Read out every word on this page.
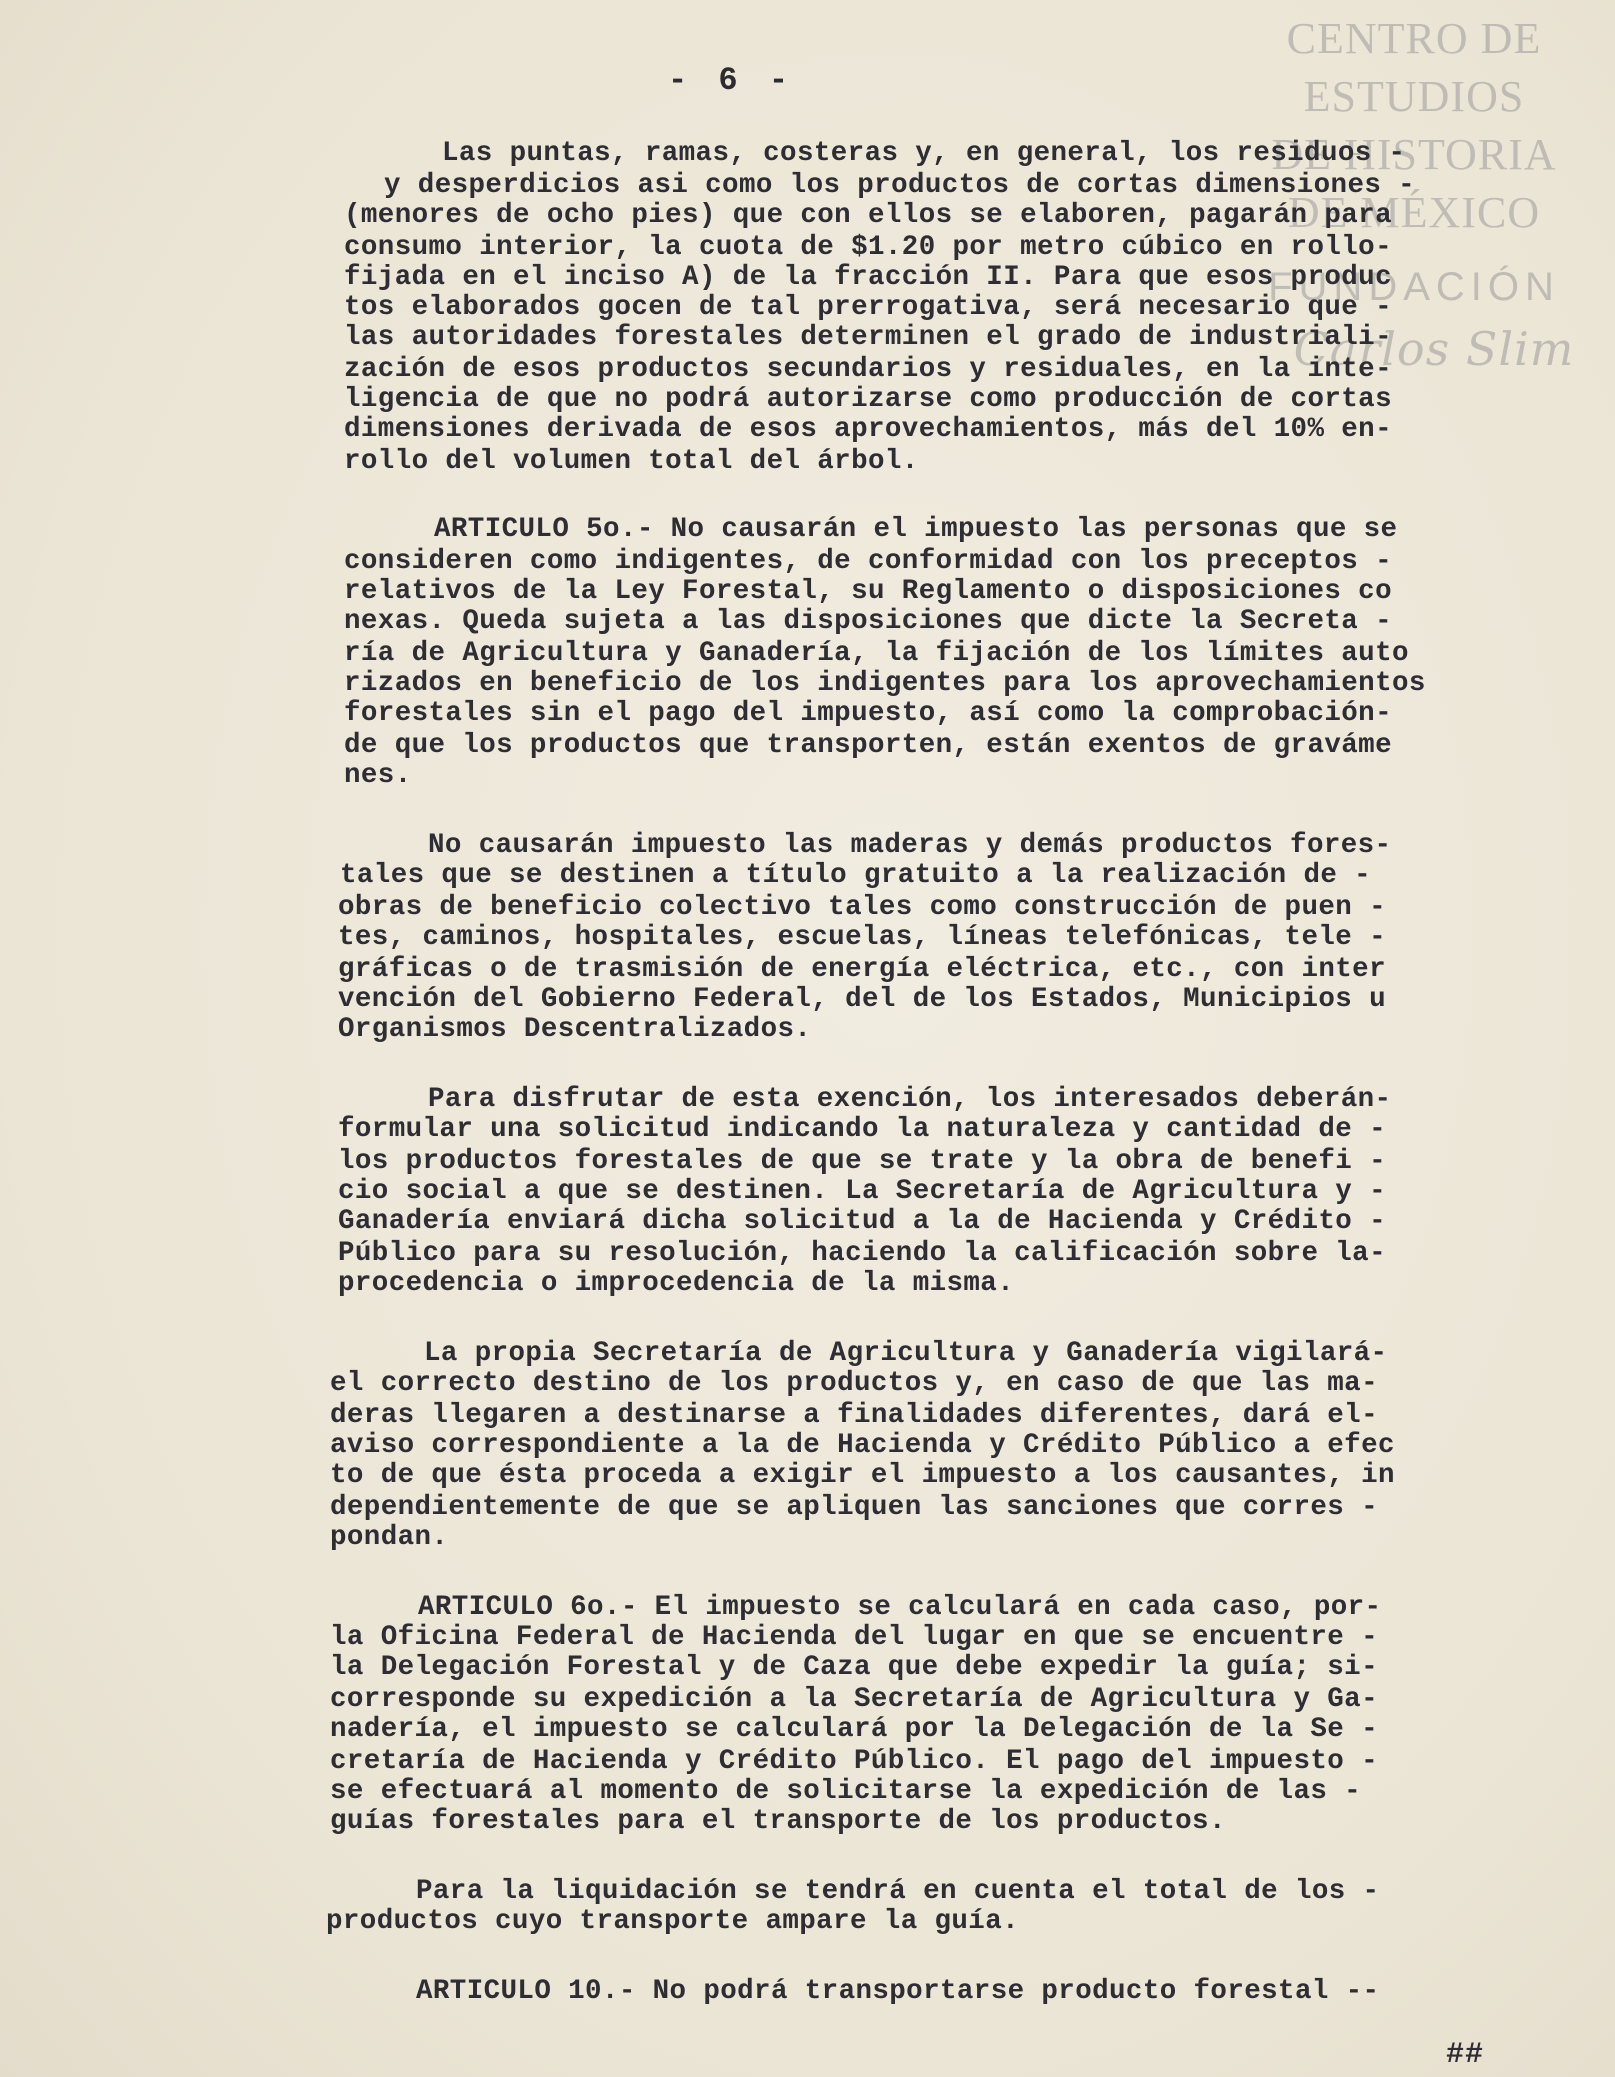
CENTRO DE
ESTUDIOS
DE HISTORIA
DE MÉXICO
FUNDACIÓN
Carlos Slim
- 6 -
Las puntas, ramas, costeras y, en general, los residuos -
y desperdicios asi como los productos de cortas dimensiones -
(menores de ocho pies) que con ellos se elaboren, pagarán para
consumo interior, la cuota de $1.20 por metro cúbico en rollo-
fijada en el inciso A) de la fracción II. Para que esos produc
tos elaborados gocen de tal prerrogativa, será necesario que -
las autoridades forestales determinen el grado de industriali-
zación de esos productos secundarios y residuales, en la inte-
ligencia de que no podrá autorizarse como producción de cortas
dimensiones derivada de esos aprovechamientos, más del 10% en-
rollo del volumen total del árbol.
ARTICULO 5o.- No causarán el impuesto las personas que se
consideren como indigentes, de conformidad con los preceptos -
relativos de la Ley Forestal, su Reglamento o disposiciones co
nexas. Queda sujeta a las disposiciones que dicte la Secreta -
ría de Agricultura y Ganadería, la fijación de los límites auto
rizados en beneficio de los indigentes para los aprovechamientos
forestales sin el pago del impuesto, así como la comprobación-
de que los productos que transporten, están exentos de graváme
nes.
No causarán impuesto las maderas y demás productos fores-
tales que se destinen a título gratuito a la realización de -
obras de beneficio colectivo tales como construcción de puen -
tes, caminos, hospitales, escuelas, líneas telefónicas, tele -
gráficas o de trasmisión de energía eléctrica, etc., con inter
vención del Gobierno Federal, del de los Estados, Municipios u
Organismos Descentralizados.
Para disfrutar de esta exención, los interesados deberán-
formular una solicitud indicando la naturaleza y cantidad de -
los productos forestales de que se trate y la obra de benefi -
cio social a que se destinen. La Secretaría de Agricultura y -
Ganadería enviará dicha solicitud a la de Hacienda y Crédito -
Público para su resolución, haciendo la calificación sobre la-
procedencia o improcedencia de la misma.
La propia Secretaría de Agricultura y Ganadería vigilará-
el correcto destino de los productos y, en caso de que las ma-
deras llegaren a destinarse a finalidades diferentes, dará el-
aviso correspondiente a la de Hacienda y Crédito Público a efec
to de que ésta proceda a exigir el impuesto a los causantes, in
dependientemente de que se apliquen las sanciones que corres -
pondan.
ARTICULO 6o.- El impuesto se calculará en cada caso, por-
la Oficina Federal de Hacienda del lugar en que se encuentre -
la Delegación Forestal y de Caza que debe expedir la guía; si-
corresponde su expedición a la Secretaría de Agricultura y Ga-
nadería, el impuesto se calculará por la Delegación de la Se -
cretaría de Hacienda y Crédito Público. El pago del impuesto -
se efectuará al momento de solicitarse la expedición de las -
guías forestales para el transporte de los productos.
Para la liquidación se tendrá en cuenta el total de los -
productos cuyo transporte ampare la guía.
ARTICULO 10.- No podrá transportarse producto forestal --
##
